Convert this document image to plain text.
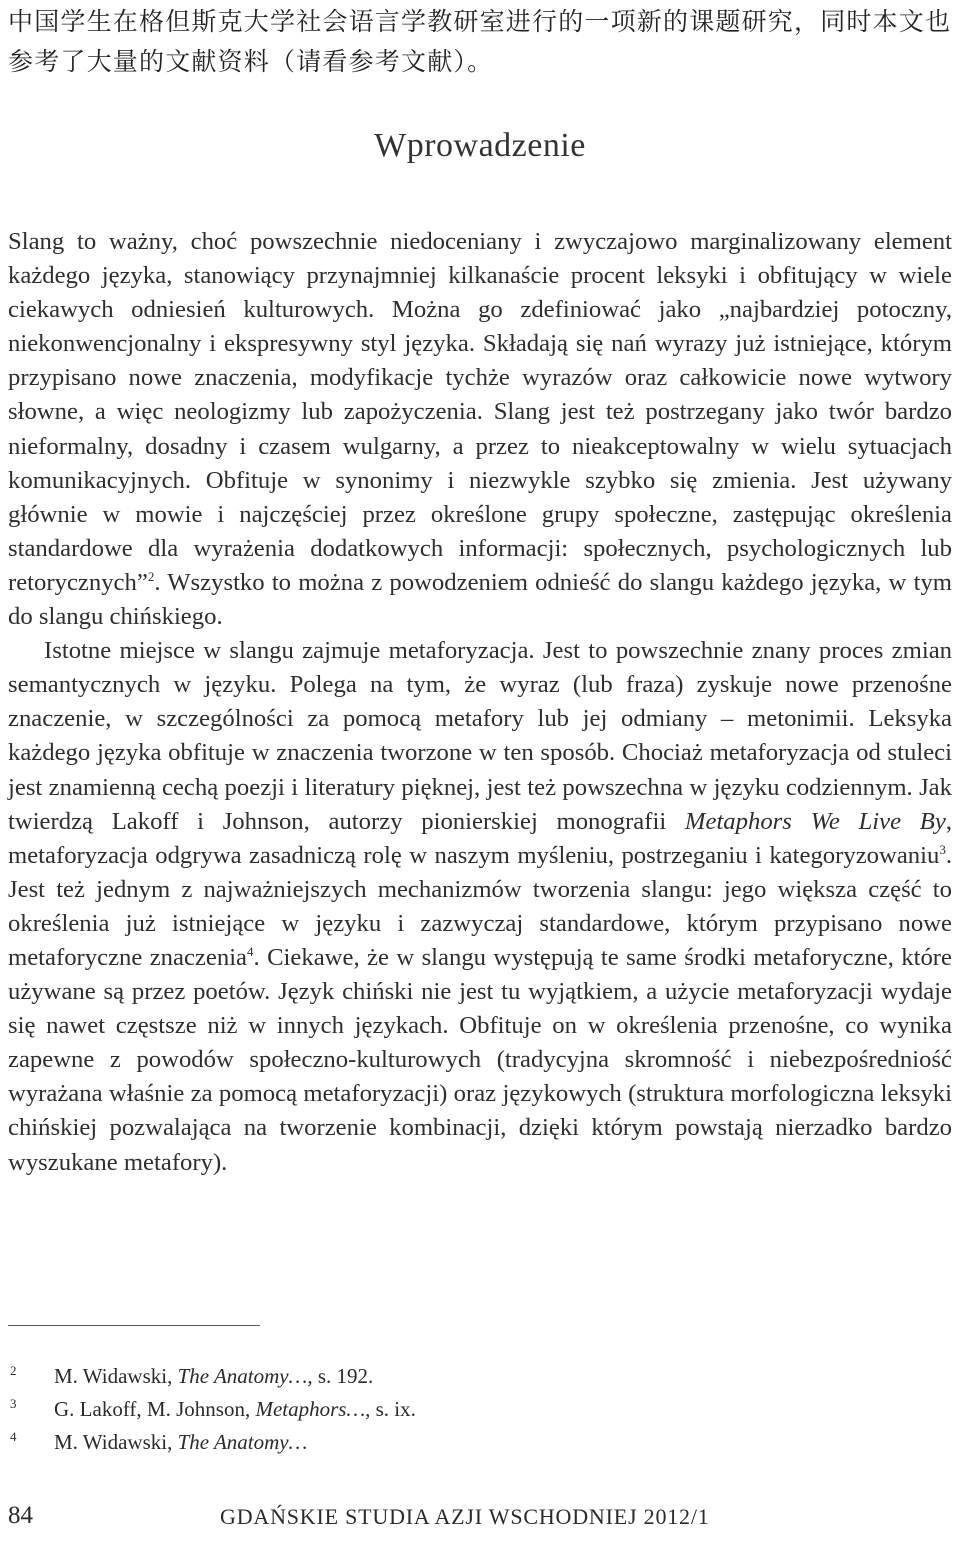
中国学生在格但斯克大学社会语言学教研室进行的一项新的课题研究，同时本文也参考了大量的文献资料（请看参考文献）。
Wprowadzenie

Slang to ważny, choć powszechnie niedoceniany i zwyczajowo marginalizowany element każdego języka, stanowiący przynajmniej kilkanaście procent leksyki i obfitujący w wiele ciekawych odniesień kulturowych. Można go zdefiniować jako „najbardziej potoczny, niekonwencjonalny i ekspresywny styl języka. Składają się nań wyrazy już istniejące, którym przypisano nowe znaczenia, modyfikacje tychże wyrazów oraz całkowicie nowe wytwory słowne, a więc neologizmy lub zapożyczenia. Slang jest też postrzegany jako twór bardzo nieformalny, dosadny i czasem wulgarny, a przez to nieakceptowalny w wielu sytuacjach komunikacyjnych. Obfituje w synonimy i niezwykle szybko się zmienia. Jest używany głównie w mowie i najczęściej przez określone grupy społeczne, zastępując określenia standardowe dla wyrażenia dodatkowych informacji: społecznych, psychologicznych lub retorycznych”$^2$. Wszystko to można z powodzeniem odnieść do slangu każdego języka, w tym do slangu chińskiego.

Istotne miejsce w slangu zajmuje metaforyzacja. Jest to powszechnie znany proces zmian semantycznych w języku. Polega na tym, że wyraz (lub fraza) zyskuje nowe przenośne znaczenie, w szczególności za pomocą metafory lub jej odmiany – metonimii. Leksyka każdego języka obfituje w znaczenia tworzone w ten sposób. Chociaż metaforyzacja od stuleci jest znamienną cechą poezji i literatury pięknej, jest też powszechna w języku codziennym. Jak twierdzą Lakoff i Johnson, autorzy pionierskiej monografii Metaphors We Live By, metaforyzacja odgrywa zasadniczą rolę w naszym myśleniu, postrzeganiu i kategoryzowaniu$^3$. Jest też jednym z najważniejszych mechanizmów tworzenia slangu: jego większa część to określenia już istniejące w języku i zazwyczaj standardowe, którym przypisano nowe metaforyczne znaczenia$^4$. Ciekawe, że w slangu występują te same środki metaforyczne, które używane są przez poetów. Język chiński nie jest tu wyjątkiem, a użycie metaforyzacji wydaje się nawet częstsze niż w innych językach. Obfituje on w określenia przenośne, co wynika zapewne z powodów społeczno-kulturowych (tradycyjna skromność i niebezpośredniość wyrażana właśnie za pomocą metaforyzacji) oraz językowych (struktura morfologiczna leksyki chińskiej pozwalająca na tworzenie kombinacji, dzięki którym powstają nierzadko bardzo wyszukane metafory).

2	M. Widawski, The Anatomy…, s. 192.
3	G. Lakoff, M. Johnson, Metaphors…, s. ix.
4	M. Widawski, The Anatomy…
84	GDAŃSKIE STUDIA AZJI WSCHODNIEJ 2012/1
